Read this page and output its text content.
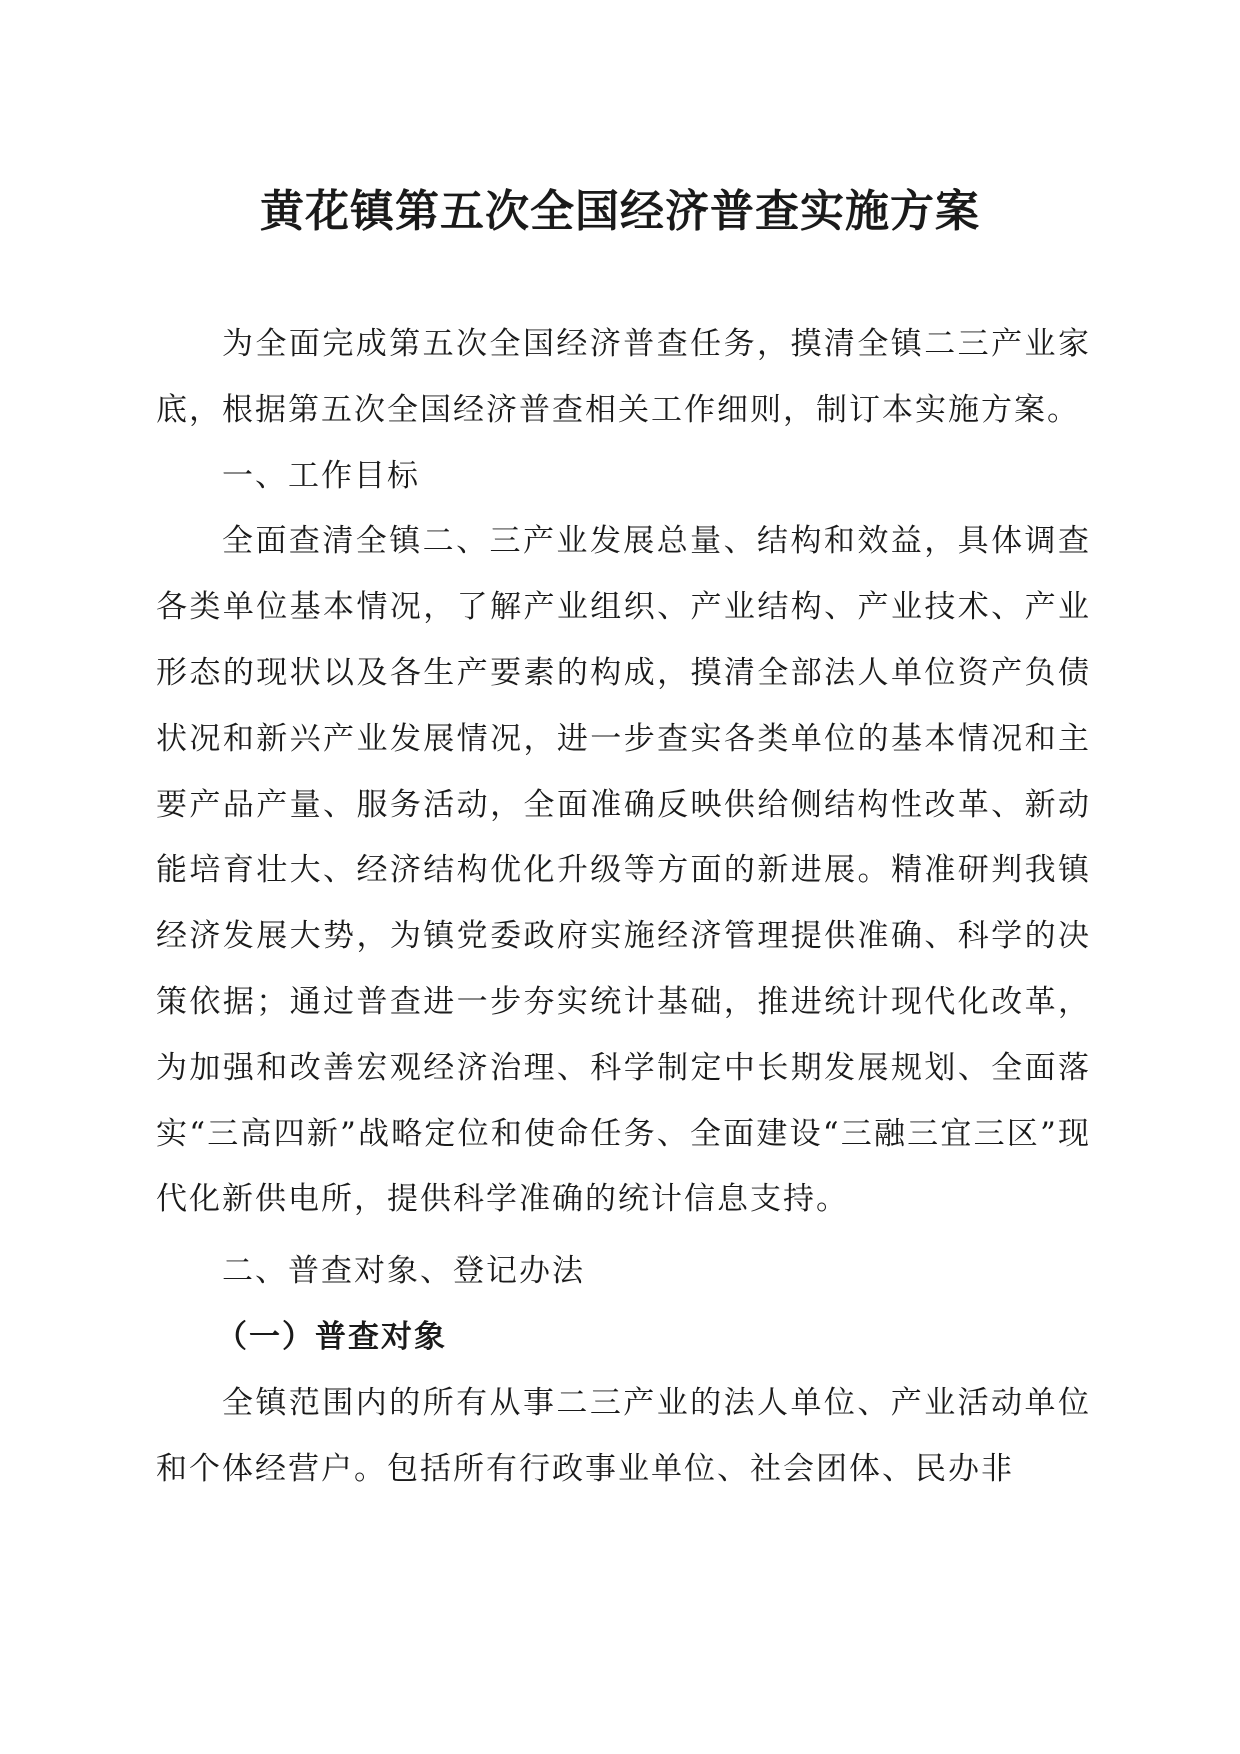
黄花镇第五次全国经济普查实施方案

为全面完成第五次全国经济普查任务，摸清全镇二三产业家底，根据第五次全国经济普查相关工作细则，制订本实施方案。

一、工作目标

全面查清全镇二、三产业发展总量、结构和效益，具体调查各类单位基本情况，了解产业组织、产业结构、产业技术、产业形态的现状以及各生产要素的构成，摸清全部法人单位资产负债状况和新兴产业发展情况，进一步查实各类单位的基本情况和主要产品产量、服务活动，全面准确反映供给侧结构性改革、新动能培育壮大、经济结构优化升级等方面的新进展。精准研判我镇经济发展大势，为镇党委政府实施经济管理提供准确、科学的决策依据；通过普查进一步夯实统计基础，推进统计现代化改革，为加强和改善宏观经济治理、科学制定中长期发展规划、全面落实“三高四新”战略定位和使命任务、全面建设“三融三宜三区”现代化新供电所，提供科学准确的统计信息支持。

二、普查对象、登记办法

（一）普查对象

全镇范围内的所有从事二三产业的法人单位、产业活动单位和个体经营户。包括所有行政事业单位、社会团体、民办非
